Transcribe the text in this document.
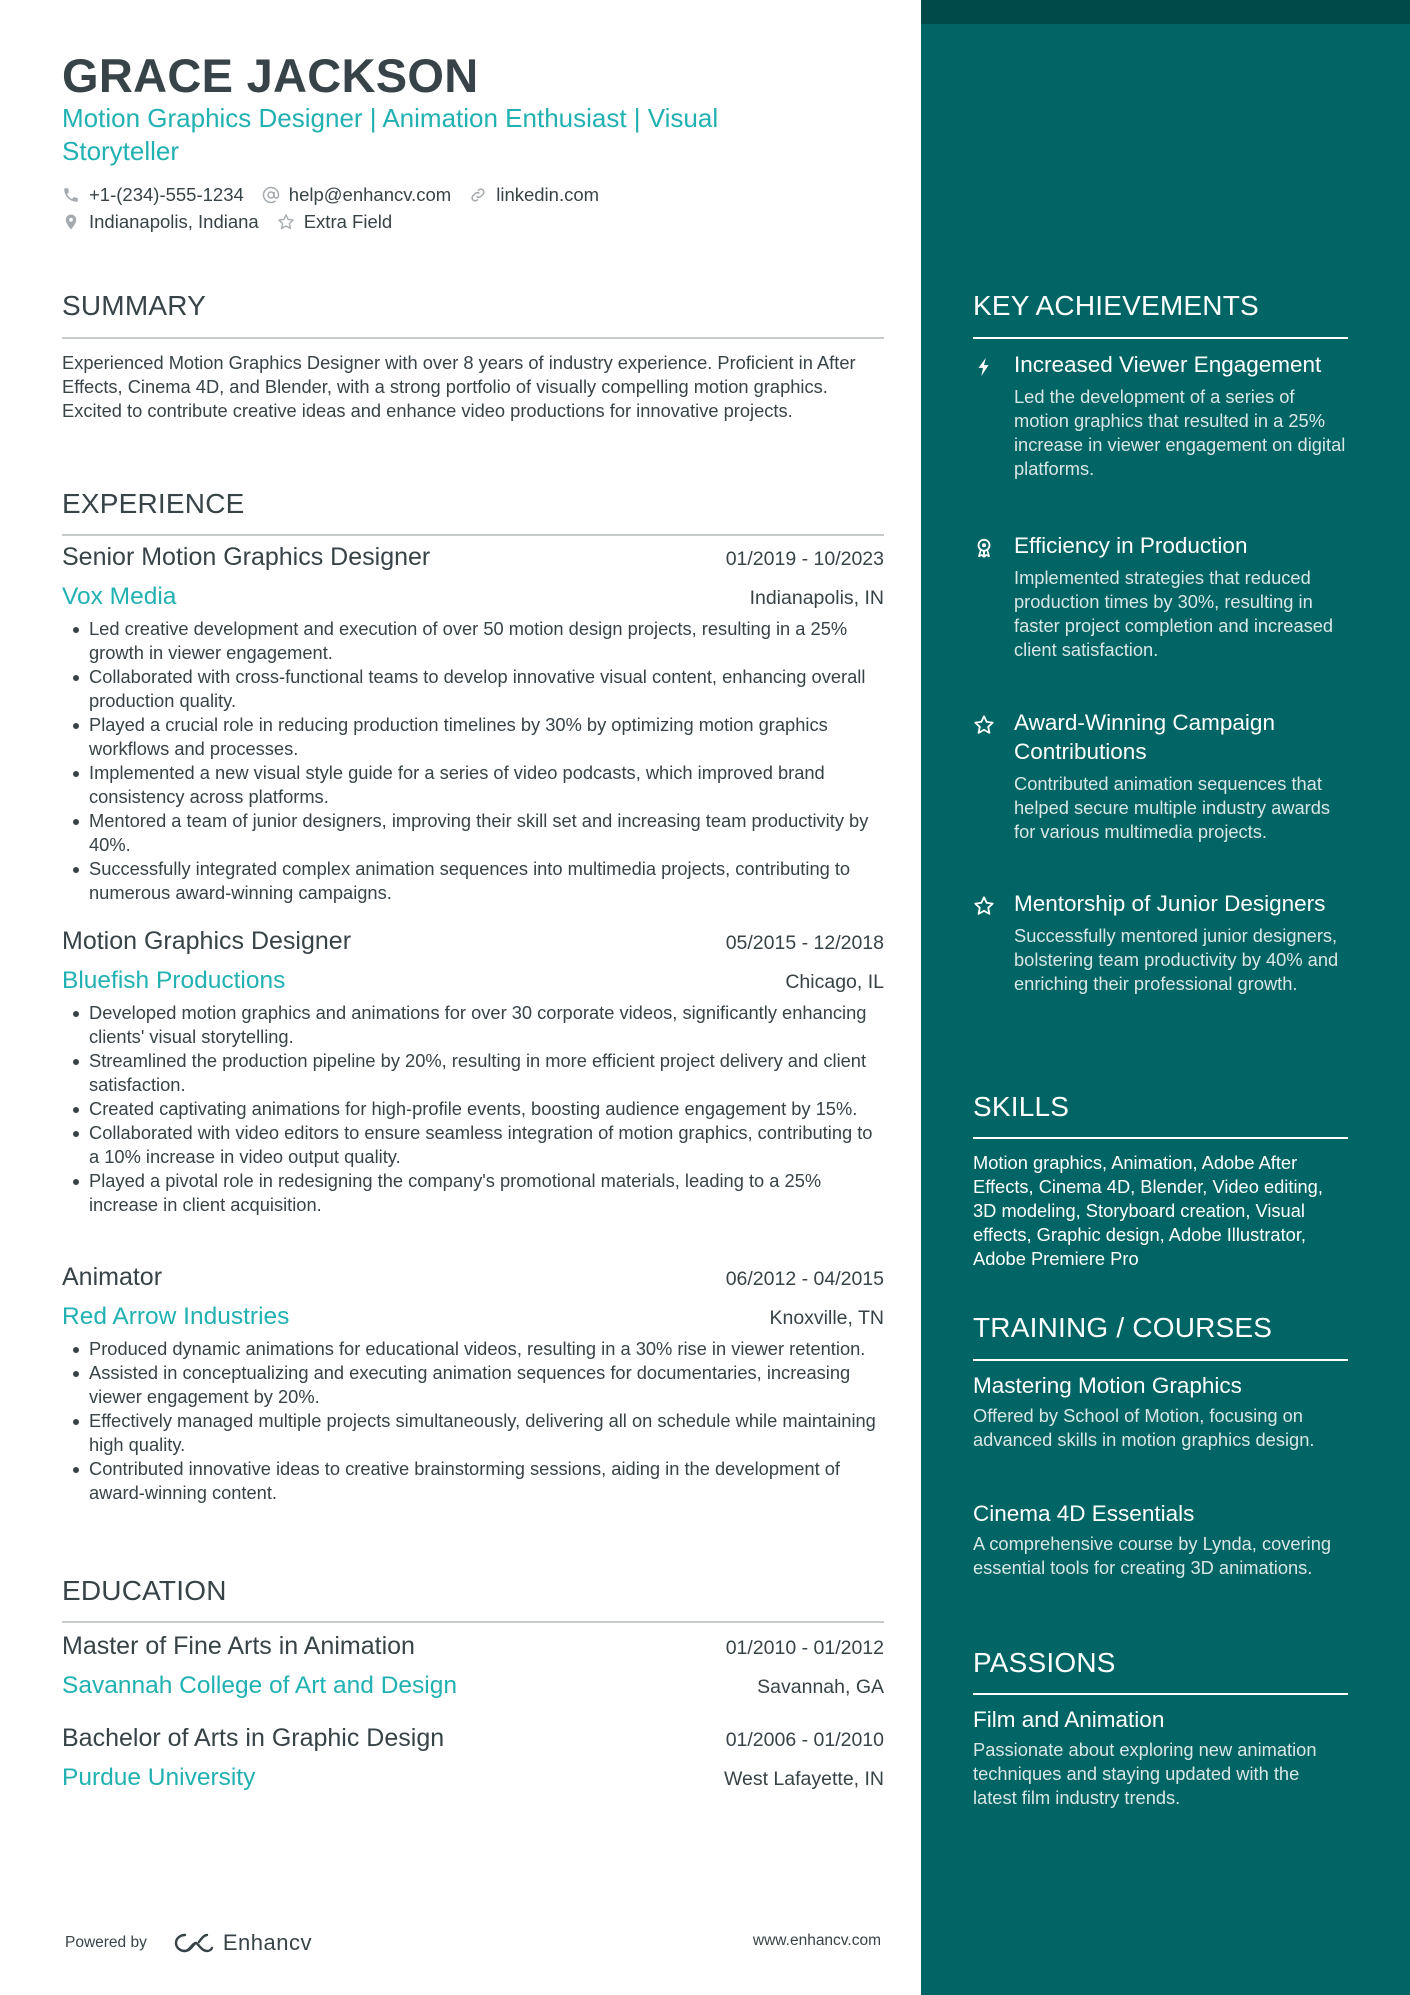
GRACE JACKSON
Motion Graphics Designer | Animation Enthusiast | Visual Storyteller
+1-(234)-555-1234 help@enhancv.com linkedin.com
Indianapolis, Indiana Extra Field
SUMMARY
Experienced Motion Graphics Designer with over 8 years of industry experience. Proficient in After Effects, Cinema 4D, and Blender, with a strong portfolio of visually compelling motion graphics. Excited to contribute creative ideas and enhance video productions for innovative projects.
EXPERIENCE
Senior Motion Graphics Designer	01/2019 - 10/2023
Vox Media	Indianapolis, IN
Led creative development and execution of over 50 motion design projects, resulting in a 25% growth in viewer engagement.
Collaborated with cross-functional teams to develop innovative visual content, enhancing overall production quality.
Played a crucial role in reducing production timelines by 30% by optimizing motion graphics workflows and processes.
Implemented a new visual style guide for a series of video podcasts, which improved brand consistency across platforms.
Mentored a team of junior designers, improving their skill set and increasing team productivity by 40%.
Successfully integrated complex animation sequences into multimedia projects, contributing to numerous award-winning campaigns.
Motion Graphics Designer	05/2015 - 12/2018
Bluefish Productions	Chicago, IL
Developed motion graphics and animations for over 30 corporate videos, significantly enhancing clients' visual storytelling.
Streamlined the production pipeline by 20%, resulting in more efficient project delivery and client satisfaction.
Created captivating animations for high-profile events, boosting audience engagement by 15%.
Collaborated with video editors to ensure seamless integration of motion graphics, contributing to a 10% increase in video output quality.
Played a pivotal role in redesigning the company's promotional materials, leading to a 25% increase in client acquisition.
Animator	06/2012 - 04/2015
Red Arrow Industries	Knoxville, TN
Produced dynamic animations for educational videos, resulting in a 30% rise in viewer retention.
Assisted in conceptualizing and executing animation sequences for documentaries, increasing viewer engagement by 20%.
Effectively managed multiple projects simultaneously, delivering all on schedule while maintaining high quality.
Contributed innovative ideas to creative brainstorming sessions, aiding in the development of award-winning content.
EDUCATION
Master of Fine Arts in Animation	01/2010 - 01/2012
Savannah College of Art and Design	Savannah, GA
Bachelor of Arts in Graphic Design	01/2006 - 01/2010
Purdue University	West Lafayette, IN
Powered by	Enhancv	www.enhancv.com
KEY ACHIEVEMENTS
Increased Viewer Engagement
Led the development of a series of motion graphics that resulted in a 25% increase in viewer engagement on digital platforms.
Efficiency in Production
Implemented strategies that reduced production times by 30%, resulting in faster project completion and increased client satisfaction.
Award-Winning Campaign Contributions
Contributed animation sequences that helped secure multiple industry awards for various multimedia projects.
Mentorship of Junior Designers
Successfully mentored junior designers, bolstering team productivity by 40% and enriching their professional growth.
SKILLS
Motion graphics, Animation, Adobe After Effects, Cinema 4D, Blender, Video editing, 3D modeling, Storyboard creation, Visual effects, Graphic design, Adobe Illustrator, Adobe Premiere Pro
TRAINING / COURSES
Mastering Motion Graphics
Offered by School of Motion, focusing on advanced skills in motion graphics design.
Cinema 4D Essentials
A comprehensive course by Lynda, covering essential tools for creating 3D animations.
PASSIONS
Film and Animation
Passionate about exploring new animation techniques and staying updated with the latest film industry trends.
